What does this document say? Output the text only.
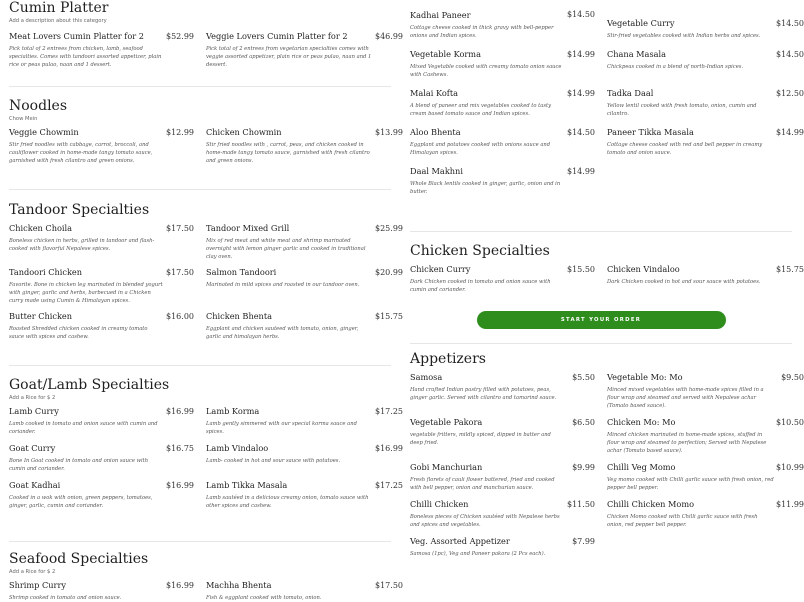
Cumin Platter
Add a description about this category
Meat Lovers Cumin Platter for 2	$52.99
Pick total of 2 entrees from chicken, lamb, seafood specialties. Comes with tandoori assorted appetizer, plain rice or peas pulao, naan and 1 dessert.
Veggie Lovers Cumin Platter for 2	$46.99
Pick total of 2 entrees from vegetarian specialties comes with veggie assorted appetizer, plain rice or peas pulao, naan and 1 dessert.
Noodles
Chow Mein
Veggie Chowmin	$12.99
Stir fried noodles with cabbage, carrot, broccoli, and cauliflower cooked in home-made tangy tomato sauce, garnished with fresh cilantro and green onions.
Chicken Chowmin	$13.99
Stir fried noodles with , carrot, peas, and chicken cooked in home-made tangy tomato sauce, garnished with fresh cilantro and green onions.
Tandoor Specialties
Chicken Choila	$17.50
Boneless chicken in herbs, grilled in tandoor and flash-cooked with flavorful Nepalese spices.
Tandoor Mixed Grill	$25.99
Mix of red meat and white meat and shrimp marinated overnight with lemon ginger garlic and cooked in traditional clay oven.
Tandoori Chicken	$17.50
Favorite. Bone in chicken leg marinated in blended yogurt with ginger, garlic and herbs, barbecued in a Chicken curry made using Cumin & Himalayan spices.
Salmon Tandoori	$20.99
Marinated in mild spices and roasted in our tandoor oven.
Butter Chicken	$16.00
Roasted Shredded chicken cooked in creamy tomato sauce with spices and cashew.
Chicken Bhenta	$15.75
Eggplant and chicken sauteed with tomato, onion, ginger, garlic and himalayan herbs.
Goat/Lamb Specialties
Add a Rice for $ 2
Lamb Curry	$16.99
Lamb cooked in tomato and onion sauce with cumin and coriander.
Lamb Korma	$17.25
Lamb gently simmered with our special korma sauce and spices.
Goat Curry	$16.75
Bone In Goat cooked in tomato and onion sauce with cumin and coriander.
Lamb Vindaloo	$16.99
Lamb- cooked in hot and sour sauce with potatoes.
Goat Kadhai	$16.99
Cooked in a wok with onion, green peppers, tomatoes, ginger, garlic, cumin and coriander.
Lamb Tikka Masala	$17.25
Lamb sautéed in a delicious creamy onion, tomato sauce with other spices and cashew.
Seafood Specialties
Add a Rice for $ 2
Shrimp Curry	$16.99
Shrimp cooked in tomato and onion sauce.
Machha Bhenta	$17.50
Fish & eggplant cooked with tomato, onion.
Kadhai Paneer	$14.50
Cottage cheese cooked in thick gravy with bell-pepper onions and Indian spices.
Vegetable Curry	$14.50
Stir-fried vegetables cooked with Indian herbs and spices.
Vegetable Korma	$14.99
Mixed Vegetable cooked with creamy tomato onion sauce with Cashews.
Chana Masala	$14.50
Chickpeas cooked in a blend of north-Indian spices.
Malai Kofta	$14.99
A blend of paneer and mix vegetables cooked to tasty cream based tomato sauce and Indian spices.
Tadka Daal	$12.50
Yellow lentil cooked with fresh tomato, onion, cumin and cilantro.
Aloo Bhenta	$14.50
Eggplant and potatoes cooked with onions sauce and Himalayan spices.
Paneer Tikka Masala	$14.99
Cottage cheese cooked with red and bell pepper in creamy tomato and onion sauce.
Daal Makhni	$14.99
Whole Black lentils cooked in ginger, garlic, onion and in butter.
Chicken Specialties
Chicken Curry	$15.50
Dark Chicken cooked in tomato and onion sauce with cumin and coriander.
Chicken Vindaloo	$15.75
Dark Chicken cooked in hot and sour sauce with potatoes.
START YOUR ORDER
Appetizers
Samosa	$5.50
Hand crafted Indian pastry filled with potatoes, peas, ginger garlic. Served with cilantro and tamarind sauce.
Vegetable Mo: Mo	$9.50
Minced mixed vegetables with home-made spices filled in a flour wrap and steamed and served with Nepalese achar (Tomato based sauce).
Vegetable Pakora	$6.50
vegetable fritters, mildly spiced, dipped in batter and deep fried.
Chicken Mo: Mo	$10.50
Minced chicken marinated in home-made spices, stuffed in flour wrap and steamed to perfection; Served with Nepalese achar (Tomato based sauce).
Gobi Manchurian	$9.99
Fresh florets of cauli flower battered, fried and cooked with bell pepper, onion and manchurian sauce.
Chilli Veg Momo	$10.99
Veg momo cooked with Chilli garlic sauce with fresh onion, red pepper bell pepper.
Chilli Chicken	$11.50
Boneless pieces of Chicken sautéed with Nepalese herbs and spices and vegetables.
Chilli Chicken Momo	$11.99
Chicken Momo cooked with Chilli garlic sauce with fresh onion, red pepper bell pepper.
Veg. Assorted Appetizer	$7.99
Samosa (1pc), Veg and Paneer pakora (2 Pcs each).
